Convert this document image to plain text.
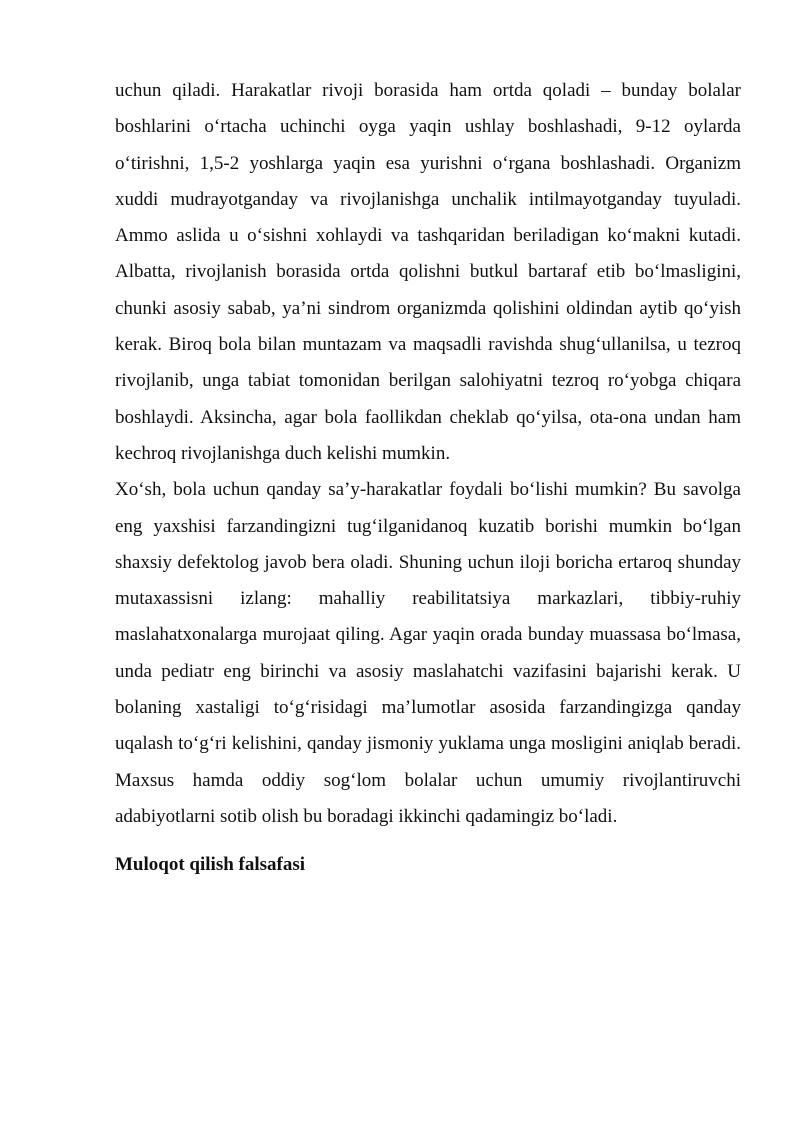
uchun qiladi. Harakatlar rivoji borasida ham ortda qoladi – bunday bolalar boshlarini o‘rtacha uchinchi oyga yaqin ushlay boshlashadi, 9-12 oylarda o‘tirishni, 1,5-2 yoshlarga yaqin esa yurishni o‘rgana boshlashadi. Organizm xuddi mudrayotganday va rivojlanishga unchalik intilmayotganday tuyuladi. Ammo aslida u o‘sishni xohlaydi va tashqaridan beriladigan ko‘makni kutadi. Albatta, rivojlanish borasida ortda qolishni butkul bartaraf etib bo‘lmasligini, chunki asosiy sabab, ya’ni sindrom organizmda qolishini oldindan aytib qo‘yish kerak. Biroq bola bilan muntazam va maqsadli ravishda shug‘ullanilsa, u tezroq rivojlanib, unga tabiat tomonidan berilgan salohiyatni tezroq ro‘yobga chiqara boshlaydi. Aksincha, agar bola faollikdan cheklab qo‘yilsa, ota-ona undan ham kechroq rivojlanishga duch kelishi mumkin.

Xo‘sh, bola uchun qanday sa’y-harakatlar foydali bo‘lishi mumkin? Bu savolga eng yaxshisi farzandingizni tug‘ilganidanoq kuzatib borishi mumkin bo‘lgan shaxsiy defektolog javob bera oladi. Shuning uchun iloji boricha ertaroq shunday mutaxassisni izlang: mahalliy reabilitatsiya markazlari, tibbiy-ruhiy maslahatxonalarga murojaat qiling. Agar yaqin orada bunday muassasa bo‘lmasa, unda pediatr eng birinchi va asosiy maslahatchi vazifasini bajarishi kerak. U bolaning xastaligi to‘g‘risidagi ma’lumotlar asosida farzandingizga qanday uqalash to‘g‘ri kelishini, qanday jismoniy yuklama unga mosligini aniqlab beradi. Maxsus hamda oddiy sog‘lom bolalar uchun umumiy rivojlantiruvchi adabiyotlarni sotib olish bu boradagi ikkinchi qadamingiz bo‘ladi.

Muloqot qilish falsafasi
